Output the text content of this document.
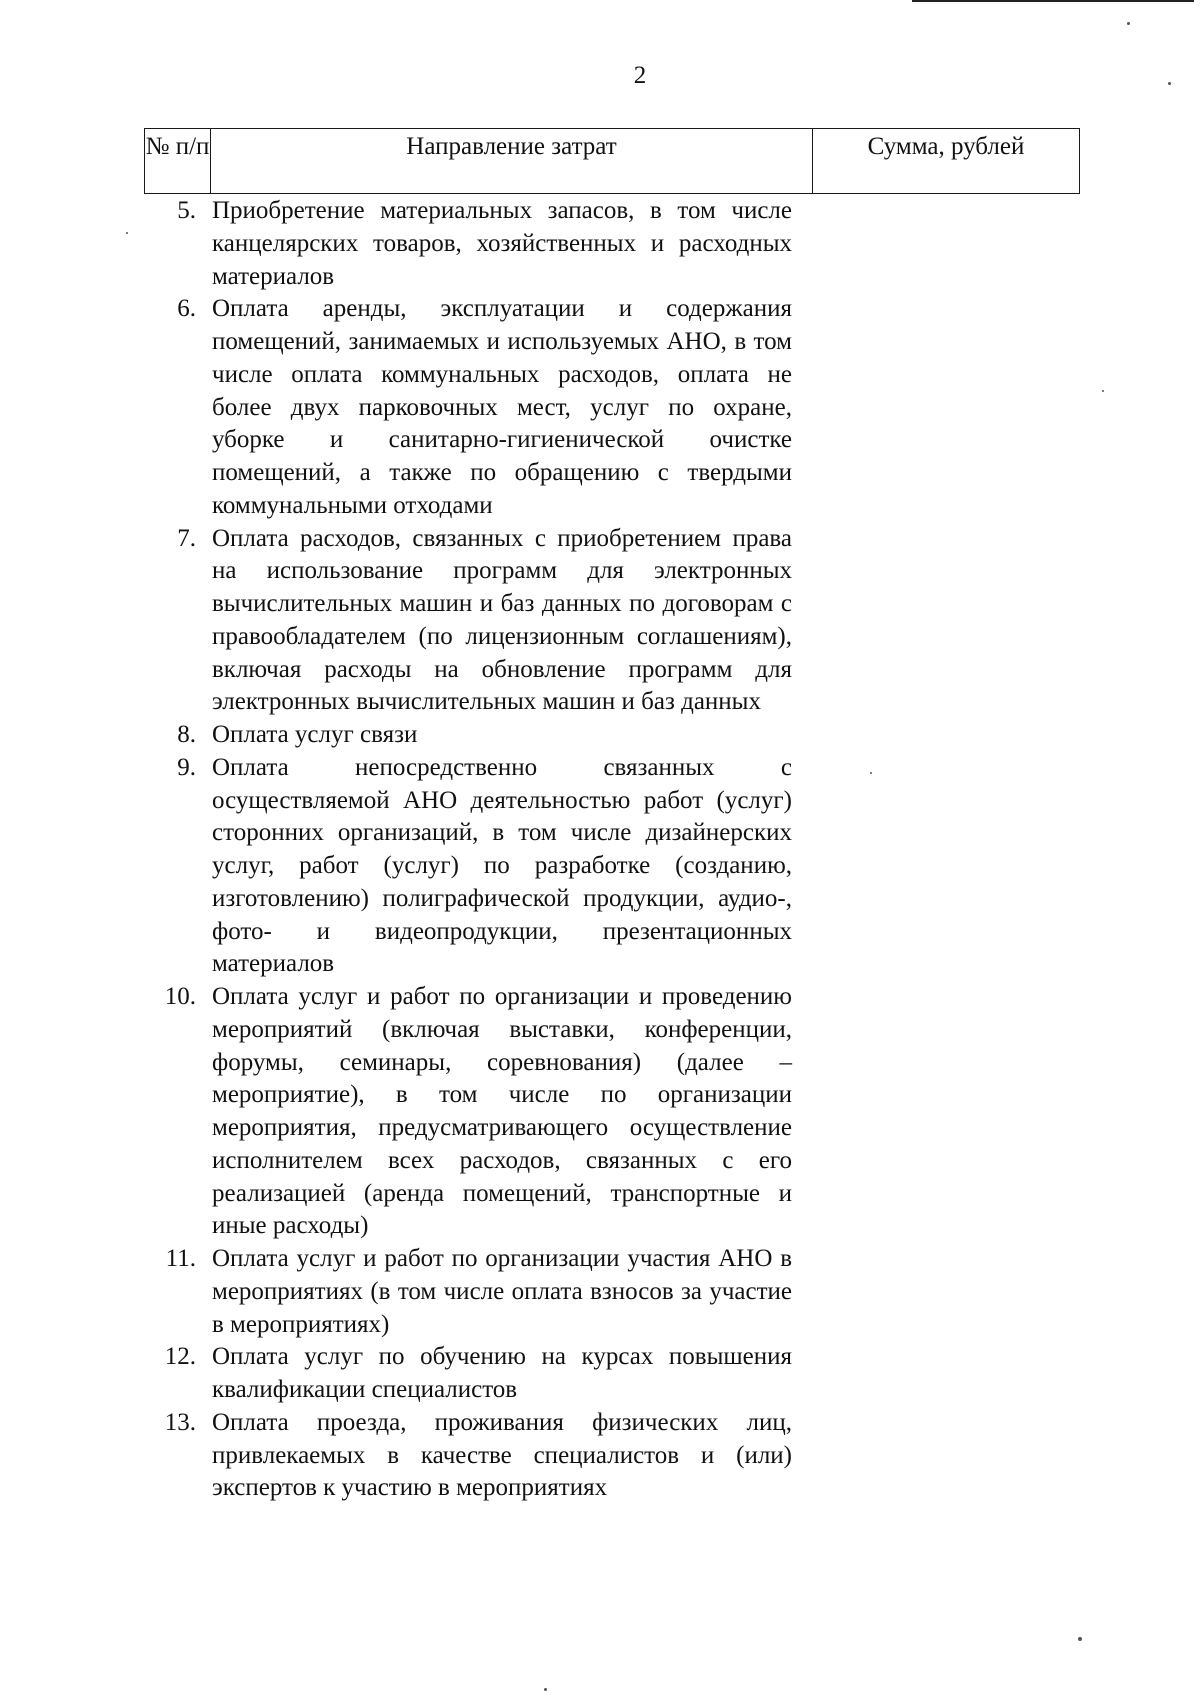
2
№ п/п	Направление затрат	Сумма, рублей
5. Приобретение материальных запасов, в том числе канцелярских товаров, хозяйственных и расходных материалов
6. Оплата аренды, эксплуатации и содержания помещений, занимаемых и используемых АНО, в том числе оплата коммунальных расходов, оплата не более двух парковочных мест, услуг по охране, уборке и санитарно-гигиенической очистке помещений, а также по обращению с твердыми коммунальными отходами
7. Оплата расходов, связанных с приобретением права на использование программ для электронных вычислительных машин и баз данных по договорам с правообладателем (по лицензионным соглашениям), включая расходы на обновление программ для электронных вычислительных машин и баз данных
8. Оплата услуг связи
9. Оплата непосредственно связанных с осуществляемой АНО деятельностью работ (услуг) сторонних организаций, в том числе дизайнерских услуг, работ (услуг) по разработке (созданию, изготовлению) полиграфической продукции, аудио-, фото- и видеопродукции, презентационных материалов
10. Оплата услуг и работ по организации и проведению мероприятий (включая выставки, конференции, форумы, семинары, соревнования) (далее – мероприятие), в том числе по организации мероприятия, предусматривающего осуществление исполнителем всех расходов, связанных с его реализацией (аренда помещений, транспортные и иные расходы)
11. Оплата услуг и работ по организации участия АНО в мероприятиях (в том числе оплата взносов за участие в мероприятиях)
12. Оплата услуг по обучению на курсах повышения квалификации специалистов
13. Оплата проезда, проживания физических лиц, привлекаемых в качестве специалистов и (или) экспертов к участию в мероприятиях
